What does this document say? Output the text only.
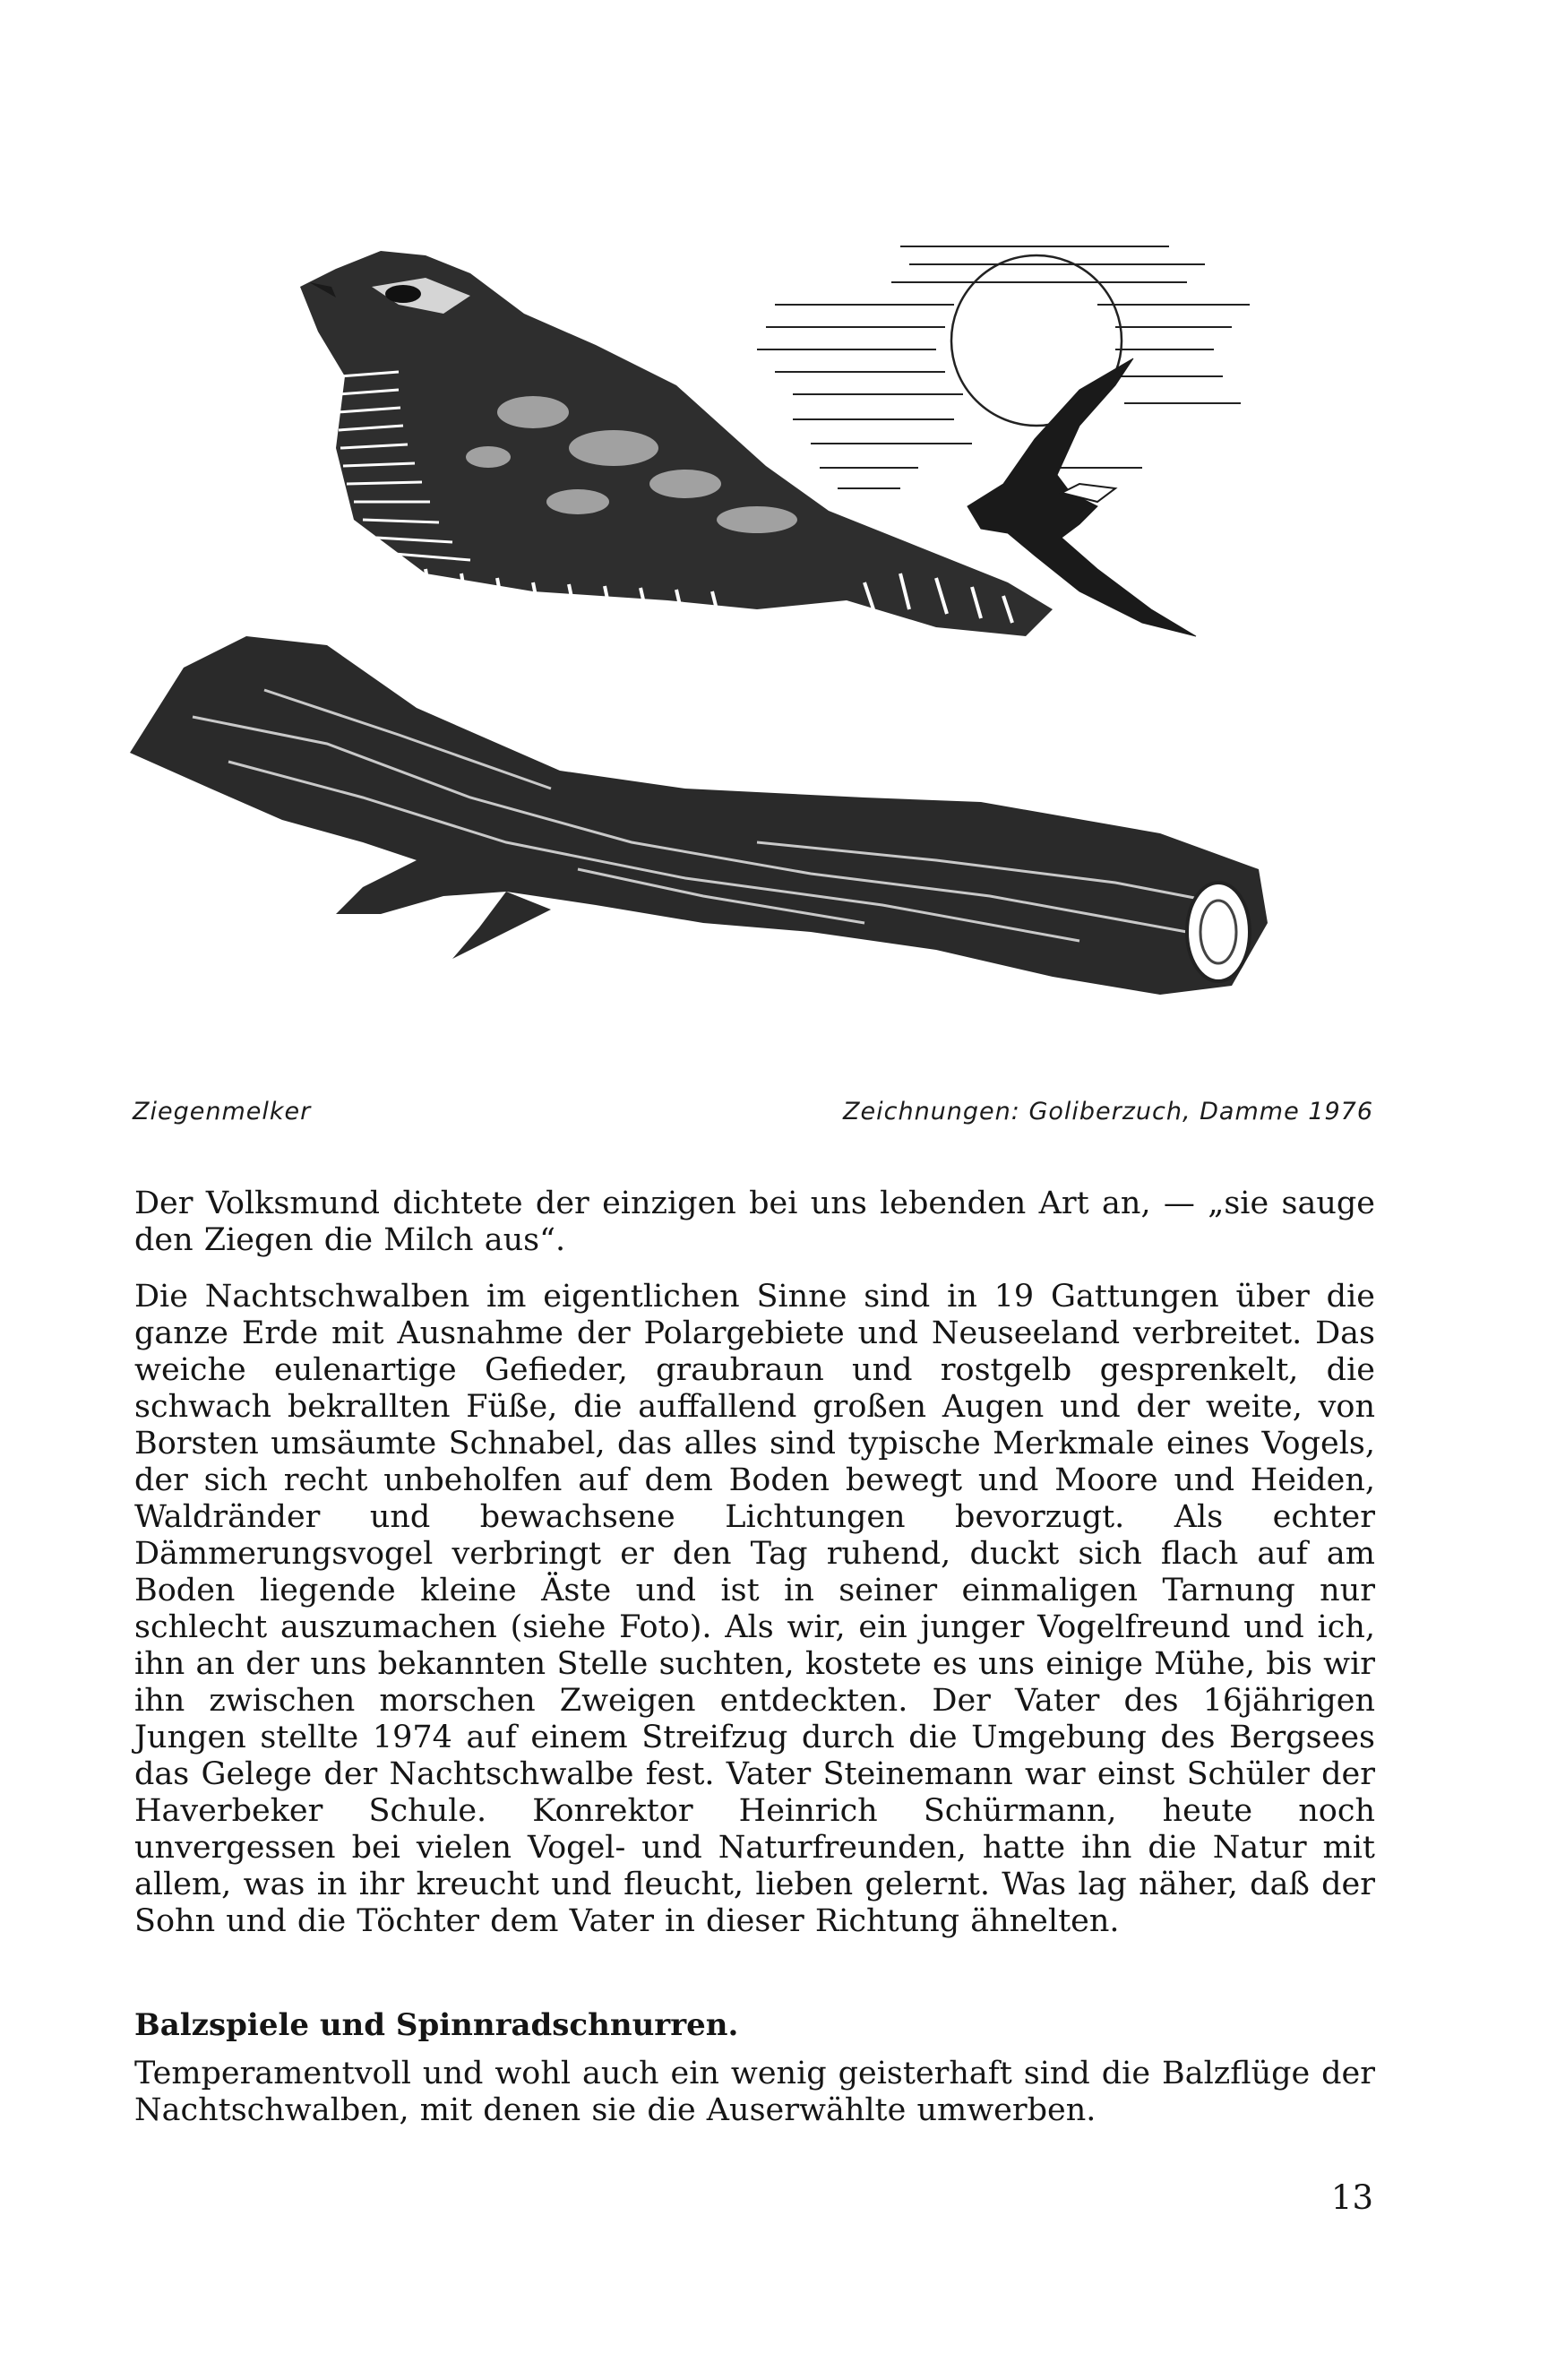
Ziegenmelker	Zeichnungen: Goliberzuch, Damme 1976
Der Volksmund dichtete der einzigen bei uns lebenden Art an, — „sie sauge den Ziegen die Milch aus“.
Die Nachtschwalben im eigentlichen Sinne sind in 19 Gattungen über die ganze Erde mit Ausnahme der Polargebiete und Neuseeland verbreitet. Das weiche eulenartige Gefieder, graubraun und rostgelb gesprenkelt, die schwach bekrallten Füße, die auffallend großen Augen und der weite, von Borsten umsäumte Schnabel, das alles sind typische Merkmale eines Vogels, der sich recht unbeholfen auf dem Boden bewegt und Moore und Heiden, Waldränder und bewachsene Lichtungen bevorzugt. Als echter Dämmerungsvogel verbringt er den Tag ruhend, duckt sich flach auf am Boden liegende kleine Äste und ist in seiner einmaligen Tarnung nur schlecht auszumachen (siehe Foto). Als wir, ein junger Vogelfreund und ich, ihn an der uns bekannten Stelle suchten, kostete es uns einige Mühe, bis wir ihn zwischen morschen Zweigen entdeckten. Der Vater des 16jährigen Jungen stellte 1974 auf einem Streifzug durch die Umgebung des Bergsees das Gelege der Nachtschwalbe fest. Vater Steinemann war einst Schüler der Haverbeker Schule. Konrektor Heinrich Schürmann, heute noch unvergessen bei vielen Vogel- und Naturfreunden, hatte ihn die Natur mit allem, was in ihr kreucht und fleucht, lieben gelernt. Was lag näher, daß der Sohn und die Töchter dem Vater in dieser Richtung ähnelten.
Balzspiele und Spinnradschnurren.
Temperamentvoll und wohl auch ein wenig geisterhaft sind die Balzflüge der Nachtschwalben, mit denen sie die Auserwählte umwerben.
13
